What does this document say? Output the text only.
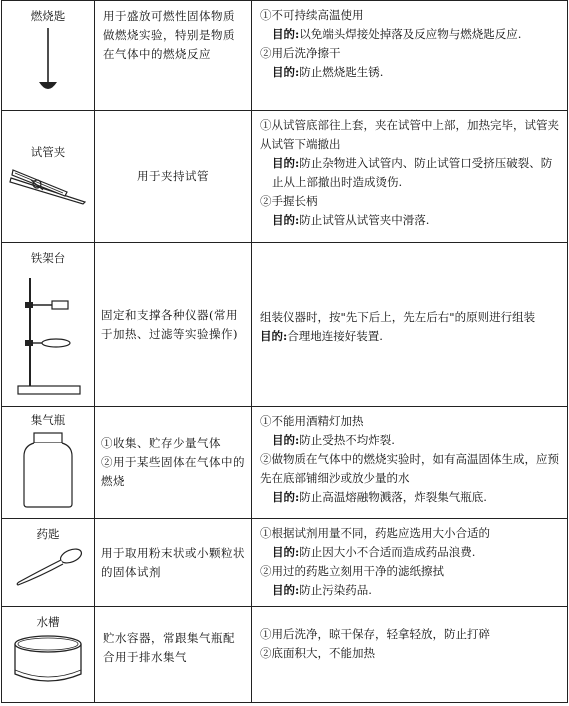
燃烧匙	用于盛放可燃性固体物质做燃烧实验，特别是物质在气体中的燃烧反应	①不可持续高温使用
目的:以免端头焊接处掉落及反应物与燃烧匙反应.
②用后洗净擦干
目的:防止燃烧匙生锈.

试管夹	用于夹持试管	①从试管底部往上套，夹在试管中上部，加热完毕，试管夹从试管下端撤出
目的:防止杂物进入试管内、防止试管口受挤压破裂、防止从上部撤出时造成烫伤.
②手握长柄
目的:防止试管从试管夹中滑落.

铁架台	固定和支撑各种仪器(常用于加热、过滤等实验操作)	组装仪器时，按"先下后上，先左后右"的原则进行组装
目的:合理地连接好装置.

集气瓶	①收集、贮存少量气体
②用于某些固体在气体中的燃烧	①不能用酒精灯加热
目的:防止受热不均炸裂.
②做物质在气体中的燃烧实验时，如有高温固体生成，应预先在底部铺细沙或放少量的水
目的:防止高温熔融物溅落，炸裂集气瓶底.

药匙	用于取用粉末状或小颗粒状的固体试剂	①根据试剂用量不同，药匙应选用大小合适的
目的:防止因大小不合适而造成药品浪费.
②用过的药匙立刻用干净的滤纸擦拭
目的:防止污染药品.

水槽	贮水容器，常跟集气瓶配合用于排水集气	①用后洗净，晾干保存，轻拿轻放，防止打碎
②底面积大，不能加热
